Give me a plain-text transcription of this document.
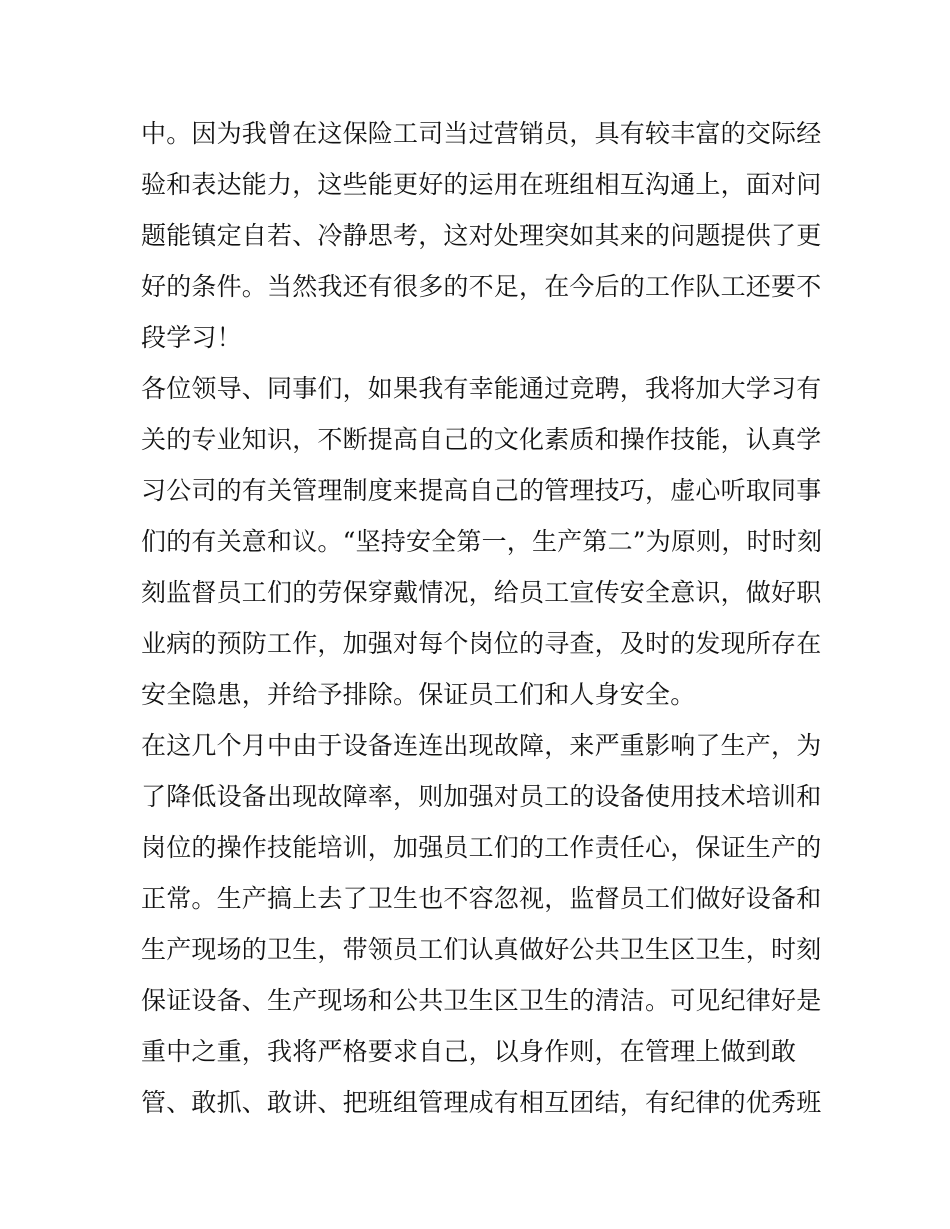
中。因为我曾在这保险工司当过营销员，具有较丰富的交际经
验和表达能力，这些能更好的运用在班组相互沟通上，面对问
题能镇定自若、冷静思考，这对处理突如其来的问题提供了更
好的条件。当然我还有很多的不足，在今后的工作队工还要不
段学习！
各位领导、同事们，如果我有幸能通过竞聘，我将加大学习有
关的专业知识，不断提高自己的文化素质和操作技能，认真学
习公司的有关管理制度来提高自己的管理技巧，虚心听取同事
们的有关意和议。“坚持安全第一，生产第二”为原则，时时刻
刻监督员工们的劳保穿戴情况，给员工宣传安全意识，做好职
业病的预防工作，加强对每个岗位的寻查，及时的发现所存在
安全隐患，并给予排除。保证员工们和人身安全。
在这几个月中由于设备连连出现故障，来严重影响了生产，为
了降低设备出现故障率，则加强对员工的设备使用技术培训和
岗位的操作技能培训，加强员工们的工作责任心，保证生产的
正常。生产搞上去了卫生也不容忽视，监督员工们做好设备和
生产现场的卫生，带领员工们认真做好公共卫生区卫生，时刻
保证设备、生产现场和公共卫生区卫生的清洁。可见纪律好是
重中之重，我将严格要求自己，以身作则，在管理上做到敢
管、敢抓、敢讲、把班组管理成有相互团结，有纪律的优秀班
